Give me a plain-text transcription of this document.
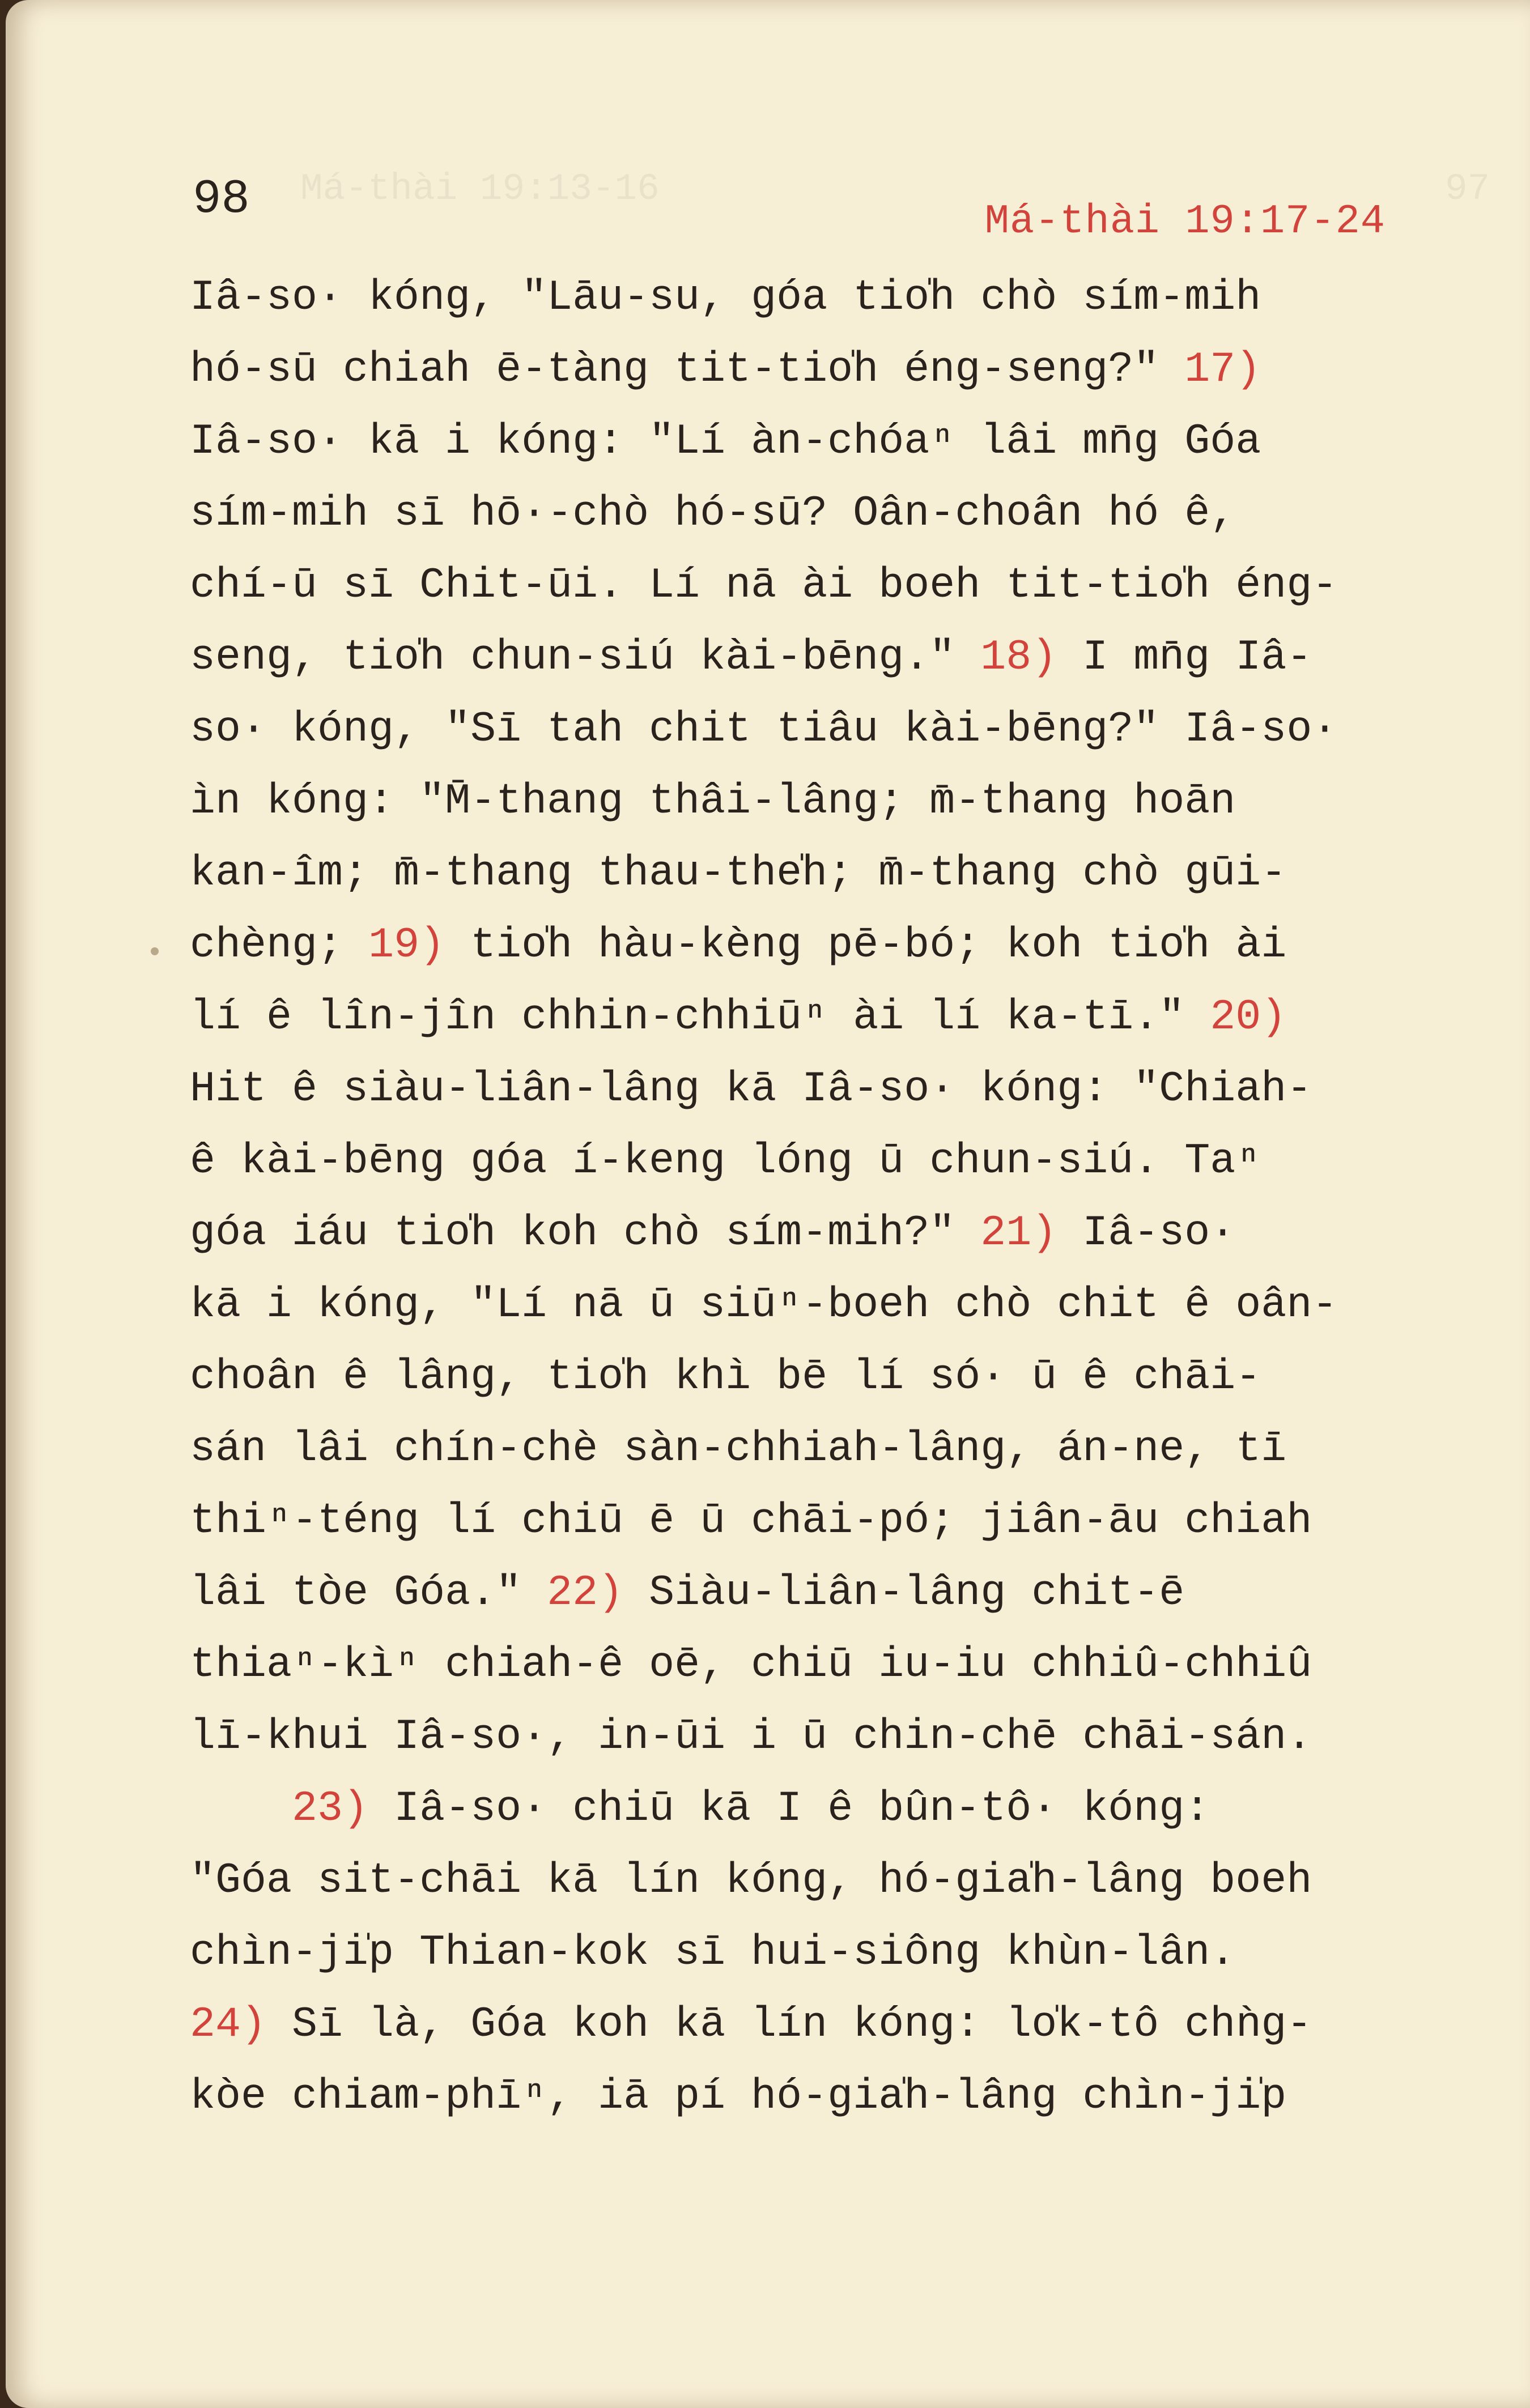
Má-thài 19:13-16

	97

98	Má-thài 19:17-24
Iâ-so· kóng, "Lāu-su, góa tio̍h chò sím-mih
hó-sū chiah ē-tàng tit-tio̍h éng-seng?" 17)
Iâ-so· kā i kóng: "Lí àn-chóaⁿ lâi mn̄g Góa
sím-mih sī hō·-chò hó-sū? Oân-choân hó ê,
chí-ū sī Chit-ūi. Lí nā ài boeh tit-tio̍h éng-
seng, tio̍h chun-siú kài-bēng." 18) I mn̄g Iâ-
so· kóng, "Sī tah chit tiâu kài-bēng?" Iâ-so·
ìn kóng: "M̄-thang thâi-lâng; m̄-thang hoān
kan-îm; m̄-thang thau-the̍h; m̄-thang chò gūi-
chèng; 19) tio̍h hàu-kèng pē-bó; koh tio̍h ài
lí ê lîn-jîn chhin-chhiūⁿ ài lí ka-tī." 20)
Hit ê siàu-liân-lâng kā Iâ-so· kóng: "Chiah-
ê kài-bēng góa í-keng lóng ū chun-siú. Taⁿ
góa iáu tio̍h koh chò sím-mih?" 21) Iâ-so·
kā i kóng, "Lí nā ū siūⁿ-boeh chò chit ê oân-
choân ê lâng, tio̍h khì bē lí só· ū ê chāi-
sán lâi chín-chè sàn-chhiah-lâng, án-ne, tī
thiⁿ-téng lí chiū ē ū chāi-pó; jiân-āu chiah
lâi tòe Góa." 22) Siàu-liân-lâng chit-ē
thiaⁿ-kìⁿ chiah-ê oē, chiū iu-iu chhiû-chhiû
lī-khui Iâ-so·, in-ūi i ū chin-chē chāi-sán.
23) Iâ-so· chiū kā I ê bûn-tô· kóng:
"Góa sit-chāi kā lín kóng, hó-gia̍h-lâng boeh
chìn-ji̍p Thian-kok sī hui-siông khùn-lân.
24) Sī là, Góa koh kā lín kóng: lo̍k-tô chǹg-
kòe chiam-phīⁿ, iā pí hó-gia̍h-lâng chìn-ji̍p
